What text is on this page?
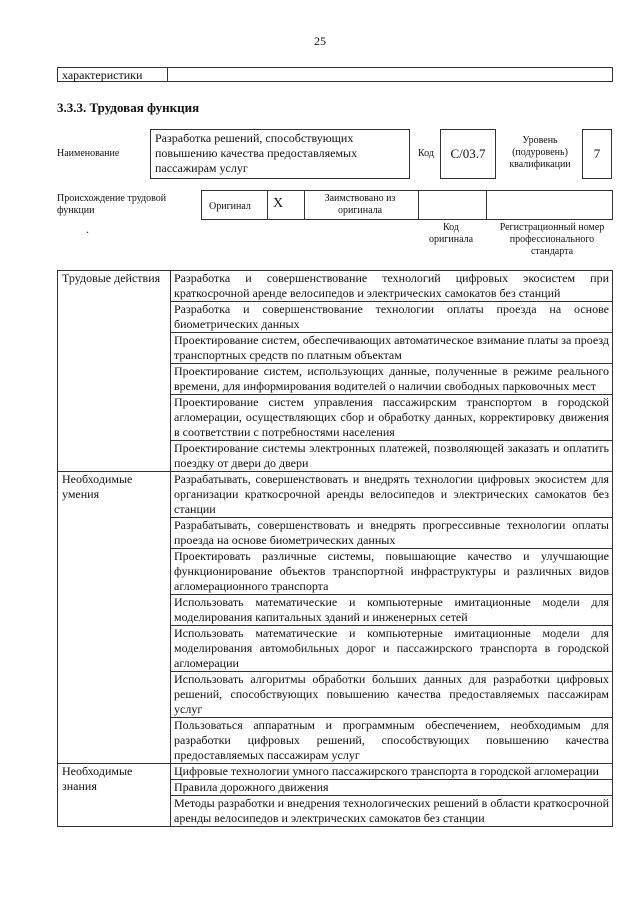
25
характеристики
3.3.3. Трудовая функция
Наименование
Разработка решений, способствующих повышению качества предоставляемых пассажирам услуг
Код	C/03.7
Уровень (подуровень) квалификации
7
Происхождение трудовой функции	Оригинал X	Заимствовано из оригинала
Код оригинала
Регистрационный номер профессионального стандарта
.
Трудовые действия	Разработка и совершенствование технологий цифровых экосистем при краткосрочной аренде велосипедов и электрических самокатов без станций
	Разработка и совершенствование технологии оплаты проезда на основе биометрических данных
	Проектирование систем, обеспечивающих автоматическое взимание платы за проезд транспортных средств по платным объектам
	Проектирование систем, использующих данные, полученные в режиме реального времени, для информирования водителей о наличии свободных парковочных мест
	Проектирование систем управления пассажирским транспортом в городской агломерации, осуществляющих сбор и обработку данных, корректировку движения в соответствии с потребностями населения
	Проектирование системы электронных платежей, позволяющей заказать и оплатить поездку от двери до двери
Необходимые умения	Разрабатывать, совершенствовать и внедрять технологии цифровых экосистем для организации краткосрочной аренды велосипедов и электрических самокатов без станции
	Разрабатывать, совершенствовать и внедрять прогрессивные технологии оплаты проезда на основе биометрических данных
	Проектировать различные системы, повышающие качество и улучшающие функционирование объектов транспортной инфраструктуры и различных видов агломерационного транспорта
	Использовать математические и компьютерные имитационные модели для моделирования капитальных зданий и инженерных сетей
	Использовать математические и компьютерные имитационные модели для моделирования автомобильных дорог и пассажирского транспорта в городской агломерации
	Использовать алгоритмы обработки больших данных для разработки цифровых решений, способствующих повышению качества предоставляемых пассажирам услуг
	Пользоваться аппаратным и программным обеспечением, необходимым для разработки цифровых решений, способствующих повышению качества предоставляемых пассажирам услуг
Необходимые знания	Цифровые технологии умного пассажирского транспорта в городской агломерации
	Правила дорожного движения
	Методы разработки и внедрения технологических решений в области краткосрочной аренды велосипедов и электрических самокатов без станции
